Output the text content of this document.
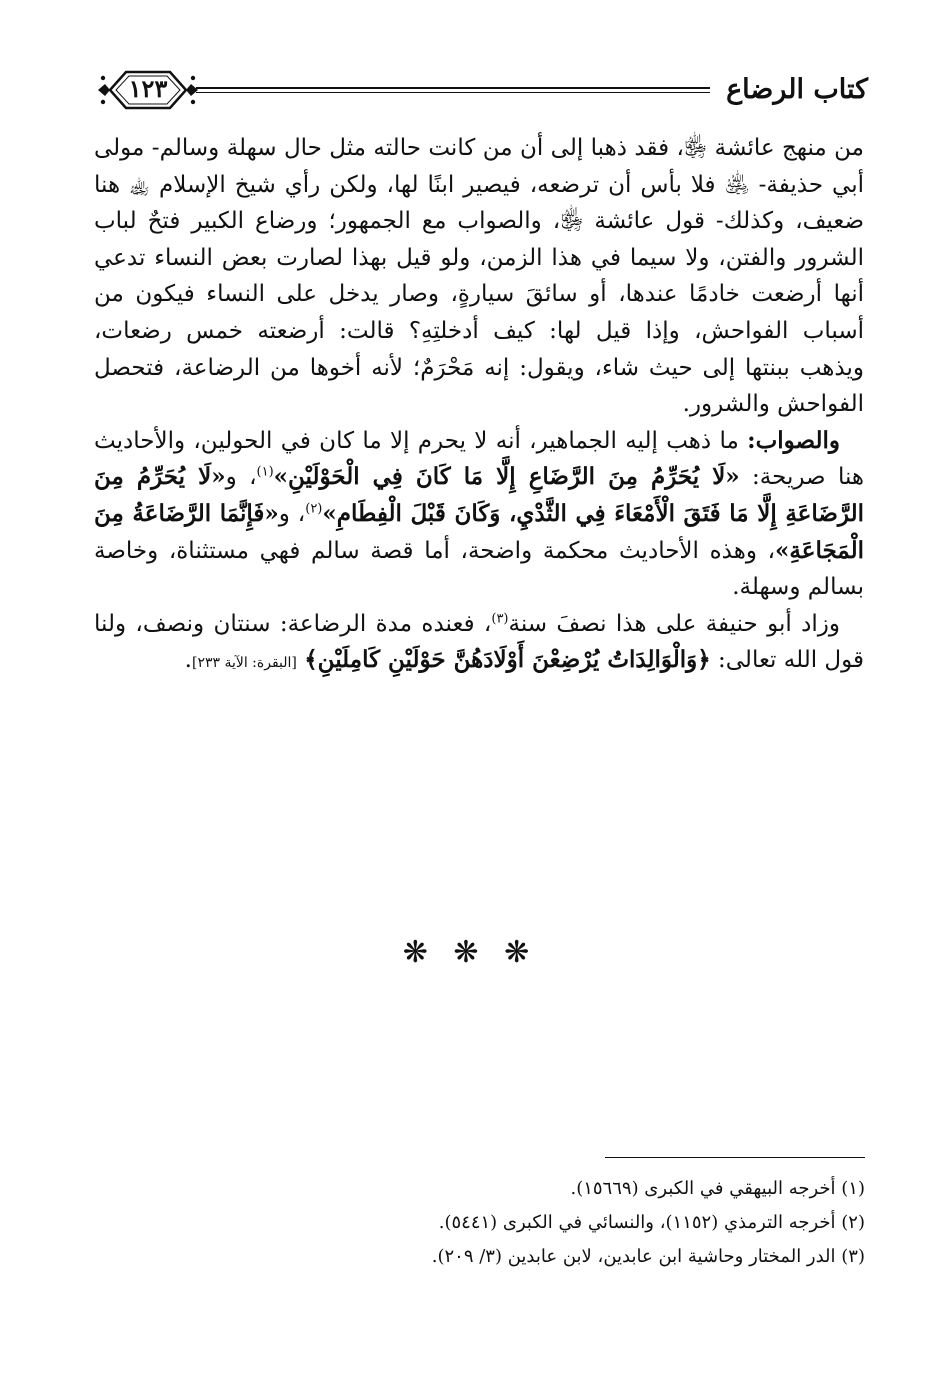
كتاب الرضاع
١٢٣

من منهج عائشة ﵂، فقد ذهبا إلى أن من كانت حالته مثل حال سهلة وسالم- مولى أبي حذيفة- ﵁ فلا بأس أن ترضعه، فيصير ابنًا لها، ولكن رأي شيخ الإسلام ﵀ هنا ضعيف، وكذلك- قول عائشة ﵂، والصواب مع الجمهور؛ ورضاع الكبير فتحٌ لباب الشرور والفتن، ولا سيما في هذا الزمن، ولو قيل بهذا لصارت بعض النساء تدعي أنها أرضعت خادمًا عندها، أو سائقَ سيارةٍ، وصار يدخل على النساء فيكون من أسباب الفواحش، وإذا قيل لها: كيف أدخلتِهِ؟ قالت: أرضعته خمس رضعات، ويذهب ببنتها إلى حيث شاء، ويقول: إنه مَحْرَمٌ؛ لأنه أخوها من الرضاعة، فتحصل الفواحش والشرور.

والصواب: ما ذهب إليه الجماهير، أنه لا يحرم إلا ما كان في الحولين، والأحاديث هنا صريحة: «لَا يُحَرِّمُ مِنَ الرَّضَاعِ إِلَّا مَا كَانَ فِي الْحَوْلَيْنِ»$^{(١)}$، و«لَا يُحَرِّمُ مِنَ الرَّضَاعَةِ إِلَّا مَا فَتَقَ الْأَمْعَاءَ فِي الثَّدْيِ، وَكَانَ قَبْلَ الْفِطَامِ»$^{(٢)}$، و«فَإِنَّمَا الرَّضَاعَةُ مِنَ الْمَجَاعَةِ»، وهذه الأحاديث محكمة واضحة، أما قصة سالم فهي مستثناة، وخاصة بسالم وسهلة.

وزاد أبو حنيفة على هذا نصفَ سنة$^{(٣)}$، فعنده مدة الرضاعة: سنتان ونصف، ولنا قول الله تعالى: ﴿وَالْوَالِدَاتُ يُرْضِعْنَ أَوْلَادَهُنَّ حَوْلَيْنِ كَامِلَيْنِ﴾ [البقرة: الآية ٢٣٣].

❋ ❋ ❋

(١) أخرجه البيهقي في الكبرى (١٥٦٦٩).

(٢) أخرجه الترمذي (١١٥٢)، والنسائي في الكبرى (٥٤٤١).

(٣) الدر المختار وحاشية ابن عابدين، لابن عابدين (٣/ ٢٠٩).
